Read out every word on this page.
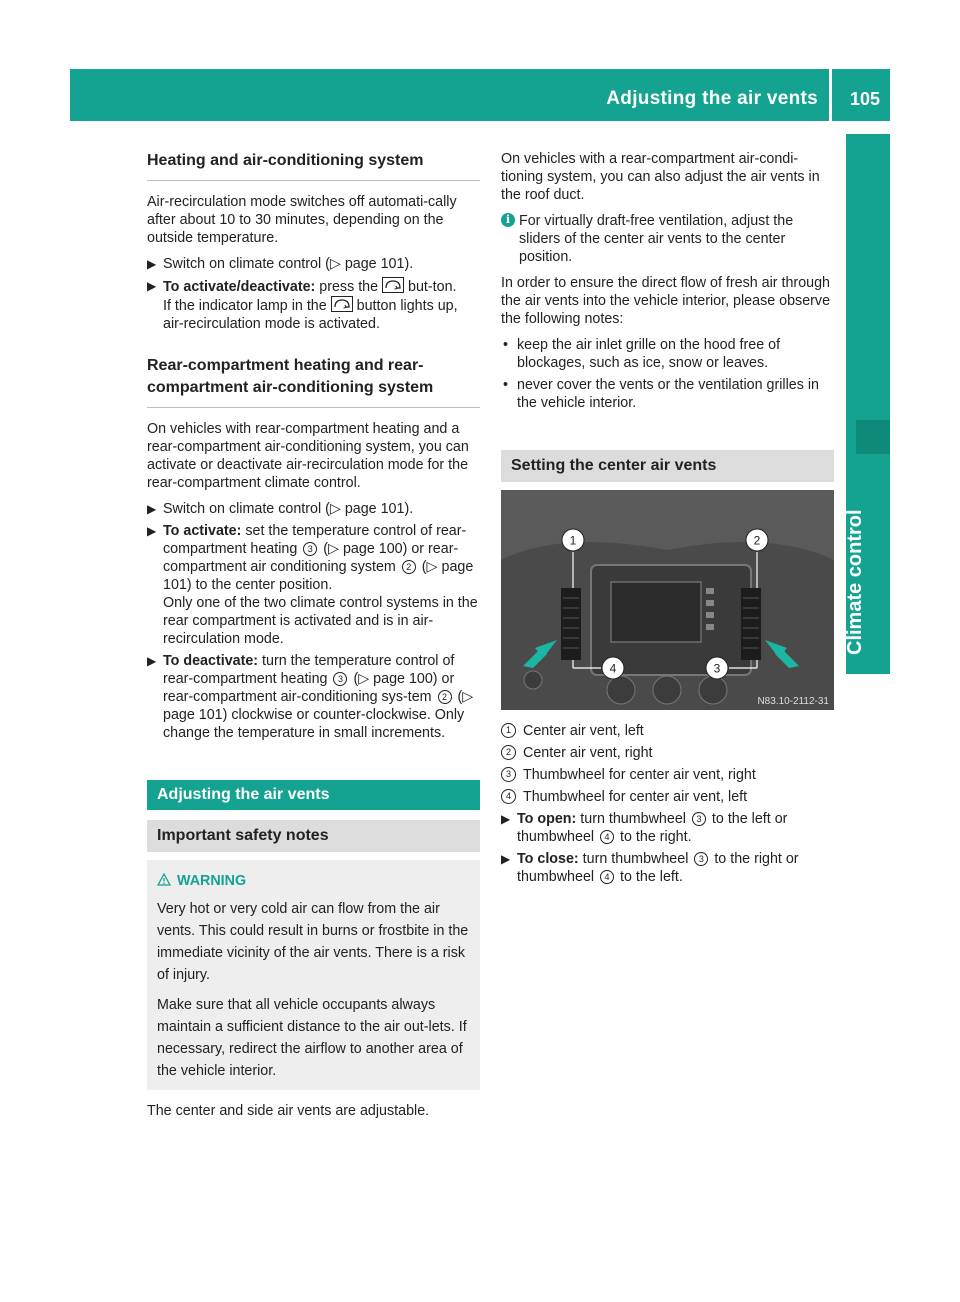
Adjusting the air vents 105
Climate control
Heating and air-conditioning system

Air-recirculation mode switches off automati-cally after about 10 to 30 minutes, depending on the outside temperature.

▶ Switch on climate control (▷ page 101).
▶ To activate/deactivate: press the  but-ton.
If the indicator lamp in the  button lights up, air-recirculation mode is activated.
Rear-compartment heating and rear-compartment air-conditioning system

On vehicles with rear-compartment heating and a rear-compartment air-conditioning system, you can activate or deactivate air-recirculation mode for the rear-compartment climate control.

▶ Switch on climate control (▷ page 101).
▶ To activate: set the temperature control of rear-compartment heating 3 (▷ page 100) or rear-compartment air conditioning system 2 (▷ page 101) to the center position.
Only one of the two climate control systems in the rear compartment is activated and is in air-recirculation mode.
▶ To deactivate: turn the temperature control of rear-compartment heating 3 (▷ page 100) or rear-compartment air-conditioning sys-tem 2 (▷ page 101) clockwise or counter-clockwise. Only change the temperature in small increments.
Adjusting the air vents
Important safety notes
WARNING

Very hot or very cold air can flow from the air vents. This could result in burns or frostbite in the immediate vicinity of the air vents. There is a risk of injury.

Make sure that all vehicle occupants always maintain a sufficient distance to the air out-lets. If necessary, redirect the airflow to another area of the vehicle interior.

The center and side air vents are adjustable.

On vehicles with a rear-compartment air-condi-tioning system, you can also adjust the air vents in the roof duct.

i For virtually draft-free ventilation, adjust the sliders of the center air vents to the center position.

In order to ensure the direct flow of fresh air through the air vents into the vehicle interior, please observe the following notes:

• keep the air inlet grille on the hood free of blockages, such as ice, snow or leaves.
• never cover the vents or the ventilation grilles in the vehicle interior.
Setting the center air vents
1	2
4	3
N83.10-2112-31
1 Center air vent, left
2 Center air vent, right
3 Thumbwheel for center air vent, right
4 Thumbwheel for center air vent, left
▶ To open: turn thumbwheel 3 to the left or thumbwheel 4 to the right.
▶ To close: turn thumbwheel 3 to the right or thumbwheel 4 to the left.
